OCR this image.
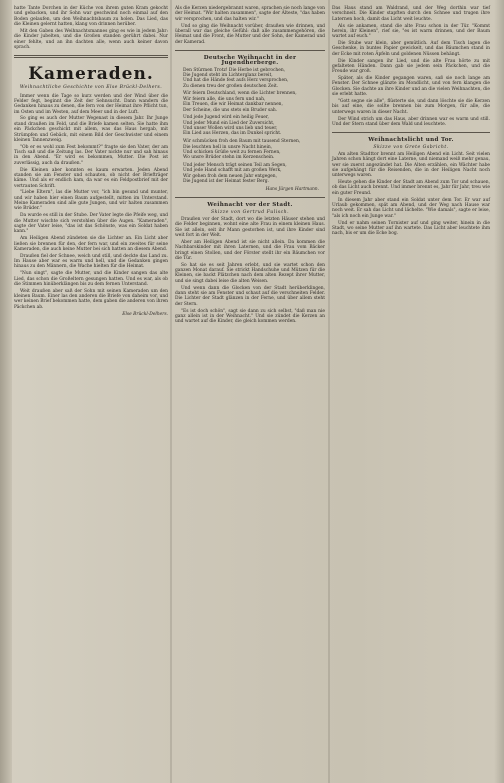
hatte Tante Dorchen in der Küche von ihrem guten Kram gekocht und gebacken, und ihr Sohn war geschwind noch einmal auf den Boden gelaufen, um den Weihnachtsbaum zu holen. Das Lied, das die Kleinen gelernt hatten, klang von drinnen herüber.

Mit den Gaben des Weihnachtsmannes ging es wie in jedem Jahr: die Kinder jubelten, und die Großen standen gerührt dabei. Nur einer fehlte, und an ihn dachten alle, wenn auch keiner davon sprach.

Kameraden.
Weihnachtliche Geschichte von Else Brückl-Delhers.

Immer wenn die Tage so kurz werden und der Wind über die Felder fegt, beginnt die Zeit der Sehnsucht. Dann wandern die Gedanken hinaus zu denen, die fern von der Heimat ihre Pflicht tun, im Osten und im Westen, auf dem Meer und in der Luft.

So ging es auch der Mutter Wegenast in diesem Jahr. Ihr Junge stand draußen im Feld, und die Briefe kamen selten. Sie hatte ihm ein Päckchen geschickt mit allem, was das Haus hergab, mit Strümpfen und Gebäck, mit einem Bild der Geschwister und einem kleinen Tannenzweig.

"Ob er es wohl zum Fest bekommt?" fragte sie den Vater, der am Tisch saß und die Zeitung las. Der Vater nickte nur und sah hinaus in den Abend. "Er wird es bekommen, Mutter. Die Post ist zuverlässig, auch da draußen."

Die Kleinen aber konnten es kaum erwarten. Jeden Abend standen sie am Fenster und schauten, ob nicht der Briefträger käme. Und als er endlich kam, da war es ein Feldpostbrief mit der vertrauten Schrift.

"Liebe Eltern", las die Mutter vor, "ich bin gesund und munter, und wir haben hier einen Baum aufgestellt, mitten im Unterstand. Meine Kameraden sind alle gute Jungen, und wir halten zusammen wie Brüder."

Da wurde es still in der Stube. Der Vater legte die Pfeife weg, und die Mutter wischte sich verstohlen über die Augen. "Kameraden", sagte der Vater leise, "das ist das Schönste, was ein Soldat haben kann."

Am Heiligen Abend zündeten sie die Lichter an. Ein Licht aber ließen sie brennen für den, der fern war, und ein zweites für seine Kameraden, die auch keine Mutter bei sich hatten an diesem Abend.

Draußen fiel der Schnee, weich und still, und deckte das Land zu. Im Hause aber war es warm und hell, und die Gedanken gingen hinaus zu den Männern, die Wache hielten für die Heimat.

"Nun singt", sagte die Mutter, und die Kinder sangen das alte Lied, das schon die Großeltern gesungen hatten. Und es war, als ob die Stimmen hinüberklängen bis zu dem fernen Unterstand.

Weit draußen aber saß der Sohn mit seinen Kameraden um den kleinen Baum. Einer las den anderen die Briefe von daheim vor, und wer keinen Brief bekommen hatte, dem gaben die anderen von ihren Päckchen ab.

Else Brückl-Delhers.

Als die Kerzen niedergebrannt waren, sprachen sie noch lange von der Heimat. "Wir halten zusammen", sagte der Älteste, "das haben wir versprochen, und das halten wir."

Und so ging die Weihnacht vorüber, draußen wie drinnen, und überall war das gleiche Gefühl: daß alle zusammengehören, die Heimat und die Front, die Mutter und der Sohn, der Kamerad und der Kamerad.

Deutsche Weihnacht in der Jugendherberge.
Den Stürmen Trotz! Die Herbe ist gebrochen,
Die Jugend steht im Lichterglanz bereit,
Und hat die Hände fest aufs Herz versprochen,
Zu dienen treu der großen deutschen Zeit.
Wir feiern Deutschland, wenn die Lichter brennen,
Wir feiern alle, die uns fern und nah,
Ein Treuen, die wir Heimat dankbar nennen,
Der Scheine, die uns stets ein Bruder sah.
Und jede Jugend wird ein heilig Feuer,
Und jeder Mund ein Lied der Zuversicht,
Und unser Wollen wird uns lieb und teuer,
Ein Lied aus Herzen, das im Dunkel spricht.
Wir schmücken froh den Baum mit tausend Sternen,
Die leuchten hell in unsre Nacht hinein,
Und schicken Grüße weit zu fernen Fernen,
Wo unsre Brüder stehn im Kerzenschein.
Und jeder Mensch trägt seinen Teil am Segen,
Und jede Hand schafft mit am großen Werk,
Wir gehen froh dem neuen Jahr entgegen,
Die Jugend ist der Heimat fester Berg.
Hans Jürgen Hartmann.
Weihnacht vor der Stadt.
Skizze von Gertrud Fulisch.

Draußen vor der Stadt, dort wo die letzten Häuser stehen und die Felder beginnen, wohnt eine alte Frau in einem kleinen Haus. Sie ist allein, seit ihr Mann gestorben ist, und ihre Kinder sind weit fort in der Welt.

Aber am Heiligen Abend ist sie nicht allein. Da kommen die Nachbarskinder mit ihren Laternen, und die Frau vom Bäcker bringt einen Stollen, und der Förster stellt ihr ein Bäumchen vor die Tür.

So hat sie es seit Jahren erlebt, und sie wartet schon den ganzen Monat darauf. Sie strickt Handschuhe und Mützen für die Kleinen, sie backt Plätzchen nach dem alten Rezept ihrer Mutter, und sie singt dabei leise die alten Weisen.

Und wenn dann die Glocken von der Stadt herüberklingen, dann steht sie am Fenster und schaut auf die verschneiten Felder. Die Lichter der Stadt glänzen in der Ferne, und über allem steht der Stern.

"Es ist doch schön", sagt sie dann zu sich selbst, "daß man nie ganz allein ist in der Weihnacht." Und sie zündet die Kerzen an und wartet auf die Kinder, die gleich kommen werden.

Das Haus stand am Waldrand, und der Weg dorthin war tief verschneit. Die Kinder stapften durch den Schnee und trugen ihre Laternen hoch, damit das Licht weit leuchte.

Als sie ankamen, stand die alte Frau schon in der Tür. "Kommt herein, ihr Kleinen", rief sie, "es ist warm drinnen, und der Baum wartet auf euch."

Die Stube war klein, aber gemütlich. Auf dem Tisch lagen die Geschenke, in buntes Papier gewickelt, und das Bäumchen stand in der Ecke mit roten Äpfeln und goldenen Nüssen behängt.

Die Kinder sangen ihr Lied, und die alte Frau hörte zu mit gefalteten Händen. Dann gab sie jedem sein Päckchen, und die Freude war groß.

Später, als die Kinder gegangen waren, saß sie noch lange am Fenster. Der Schnee glänzte im Mondlicht, und von fern klangen die Glocken. Sie dachte an ihre Kinder und an die vielen Weihnachten, die sie erlebt hatte.

"Gott segne sie alle", flüsterte sie, und dann löschte sie die Kerzen bis auf eine, die sollte brennen bis zum Morgen, für alle, die unterwegs waren in dieser Nacht.

Der Wind strich um das Haus, aber drinnen war es warm und still. Und der Stern stand über dem Wald und leuchtete.

Weihnachtslicht und Tor.
Skizze von Grete Gsbricht.

Am alten Stadttor brennt am Heiligen Abend ein Licht. Seit vielen Jahren schon hängt dort eine Laterne, und niemand weiß mehr genau, wer sie zuerst angezündet hat. Die Alten erzählen, ein Wächter habe sie aufgehängt für die Reisenden, die in der Heiligen Nacht noch unterwegs waren.

Heute gehen die Kinder der Stadt am Abend zum Tor und schauen, ob das Licht auch brennt. Und immer brennt es, Jahr für Jahr, treu wie ein guter Freund.

In diesem Jahr aber stand ein Soldat unter dem Tor. Er war auf Urlaub gekommen, spät am Abend, und der Weg nach Hause war noch weit. Er sah das Licht und lächelte. "Wie damals", sagte er leise, "als ich noch ein Junge war."

Und er nahm seinen Tornister auf und ging weiter, hinein in die Stadt, wo seine Mutter auf ihn wartete. Das Licht aber leuchtete ihm nach, bis er um die Ecke bog.
